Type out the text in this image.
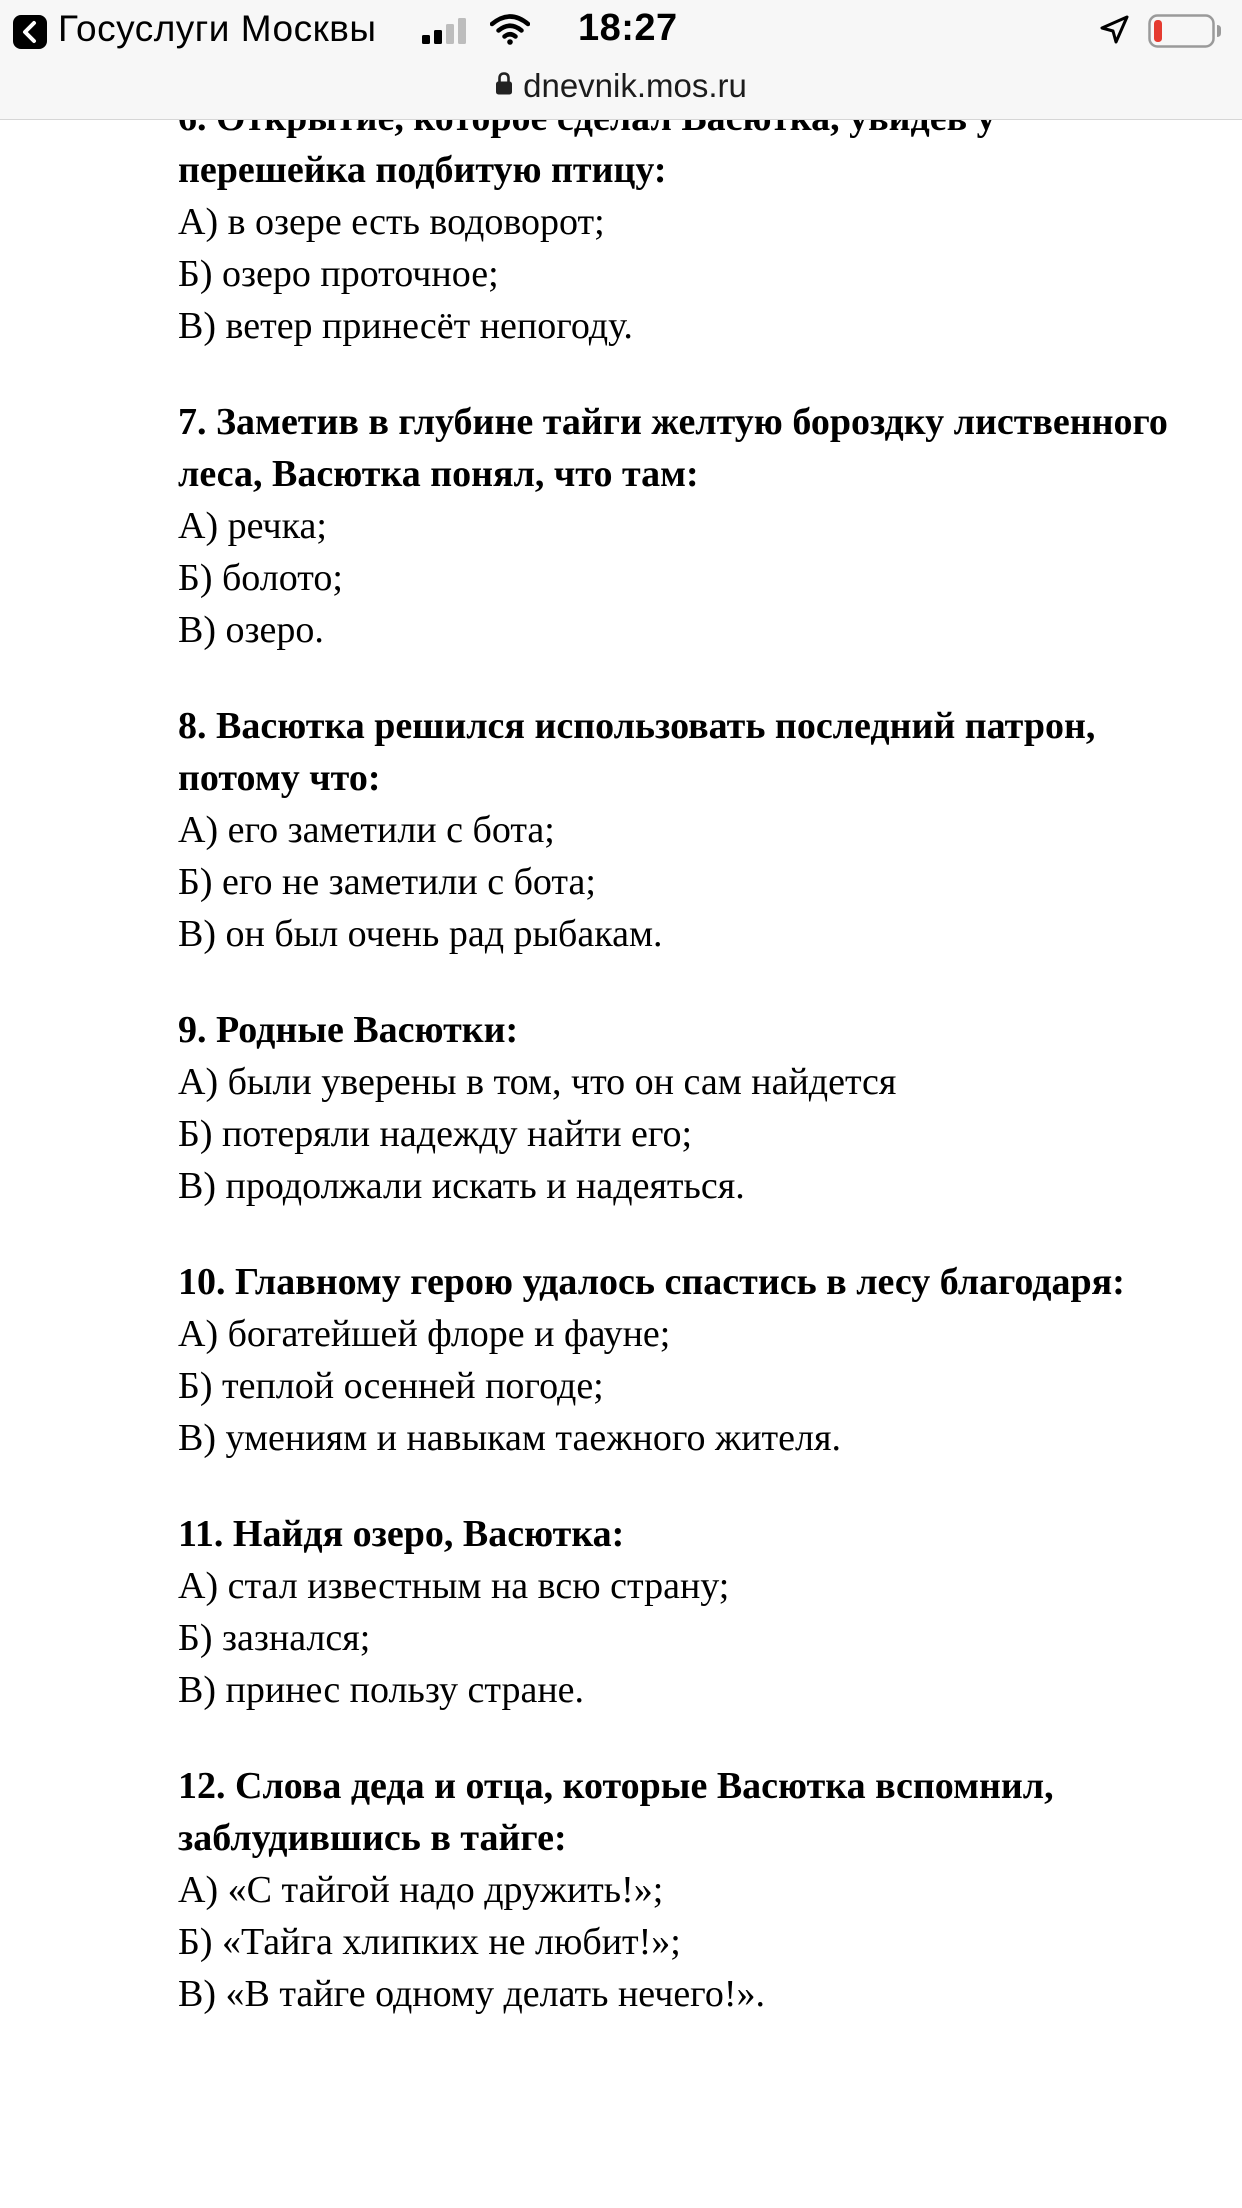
Госуслуги Москвы	18:27
dnevnik.mos.ru
перешейка подбитую птицу:
А) в озере есть водоворот;
Б) озеро проточное;
В) ветер принесёт непогоду.
7. Заметив в глубине тайги желтую бороздку лиственного леса, Васютка понял, что там:
А) речка;
Б) болото;
В) озеро.
8. Васютка решился использовать последний патрон, потому что:
А) его заметили с бота;
Б) его не заметили с бота;
В) он был очень рад рыбакам.
9. Родные Васютки:
А) были уверены в том, что он сам найдется
Б) потеряли надежду найти его;
В) продолжали искать и надеяться.
10. Главному герою удалось спастись в лесу благодаря:
А) богатейшей флоре и фауне;
Б) теплой осенней погоде;
В) умениям и навыкам таежного жителя.
11. Найдя озеро, Васютка:
А) стал известным на всю страну;
Б) зазнался;
В) принес пользу стране.
12. Слова деда и отца, которые Васютка вспомнил, заблудившись в тайге:
А) «С тайгой надо дружить!»;
Б) «Тайга хлипких не любит!»;
В) «В тайге одному делать нечего!».
